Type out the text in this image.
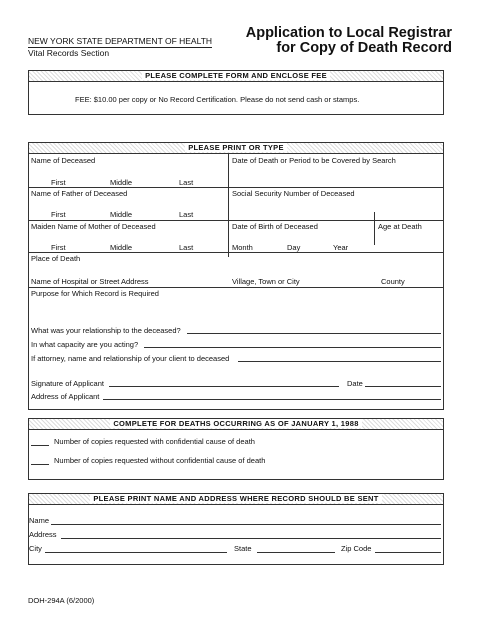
NEW YORK STATE DEPARTMENT OF HEALTH
Vital Records Section
Application to Local Registrar
for Copy of Death Record
PLEASE COMPLETE FORM AND ENCLOSE FEE
FEE: $10.00 per copy or No Record Certification. Please do not send cash or stamps.
PLEASE PRINT OR TYPE
Name of Deceased	Date of Death or Period to be Covered by Search
First	Middle	Last
Name of Father of Deceased	Social Security Number of Deceased
First	Middle	Last
Maiden Name of Mother of Deceased	Date of Birth of Deceased	Age at Death
First	Middle	Last	Month	Day	Year
Place of Death
Name of Hospital or Street Address	Village, Town or City	County
Purpose for Which Record is Required
What was your relationship to the deceased?
In what capacity are you acting?
If attorney, name and relationship of your client to deceased
Signature of Applicant	Date
Address of Applicant
COMPLETE FOR DEATHS OCCURRING AS OF JANUARY 1, 1988
Number of copies requested with confidential cause of death
Number of copies requested without confidential cause of death
PLEASE PRINT NAME AND ADDRESS WHERE RECORD SHOULD BE SENT
Name
Address
City	State	Zip Code
DOH-294A (6/2000)
